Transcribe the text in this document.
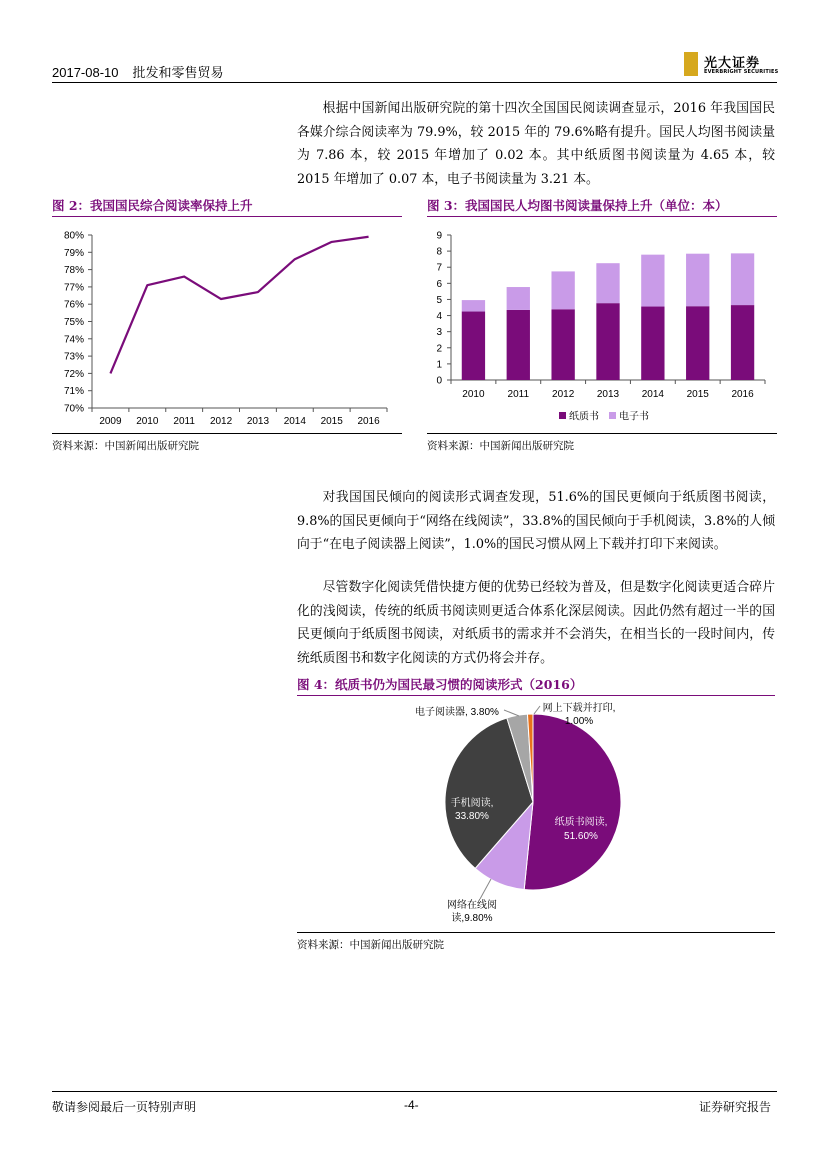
2017-08-10 批发和零售贸易
光大证券
EVERBRIGHT SECURITIES
根据中国新闻出版研究院的第十四次全国国民阅读调查显示，2016 年我国国民各媒介综合阅读率为 79.9%，较 2015 年的 79.6%略有提升。国民人均图书阅读量为 7.86 本，较 2015 年增加了 0.02 本。其中纸质图书阅读量为 4.65 本，较 2015 年增加了 0.07 本，电子书阅读量为 3.21 本。
图 2：我国国民综合阅读率保持上升
70%
71%
72%
73%
74%
75%
76%
77%
78%
79%
80%
2009 2010 2011 2012 2013 2014 2015 2016
资料来源：中国新闻出版研究院
图 3：我国国民人均图书阅读量保持上升（单位：本）
0
1
2
3
4
5
6
7
8
9
2010 2011 2012 2013 2014 2015 2016
纸质书 电子书
资料来源：中国新闻出版研究院
对我国国民倾向的阅读形式调查发现，51.6%的国民更倾向于纸质图书阅读，9.8%的国民更倾向于“网络在线阅读”，33.8%的国民倾向于手机阅读，3.8%的人倾向于“在电子阅读器上阅读”，1.0%的国民习惯从网上下载并打印下来阅读。
尽管数字化阅读凭借快捷方便的优势已经较为普及，但是数字化阅读更适合碎片化的浅阅读，传统的纸质书阅读则更适合体系化深层阅读。因此仍然有超过一半的国民更倾向于纸质图书阅读，对纸质书的需求并不会消失，在相当长的一段时间内，传统纸质图书和数字化阅读的方式仍将会并存。
图 4：纸质书仍为国民最习惯的阅读形式（2016）
纸质书阅读,
51.60%
手机阅读,
33.80%
网络在线阅
读,9.80%
电子阅读器, 3.80%	网上下载并打印,
1.00%
资料来源：中国新闻出版研究院
敬请参阅最后一页特别声明	-4-	证券研究报告
